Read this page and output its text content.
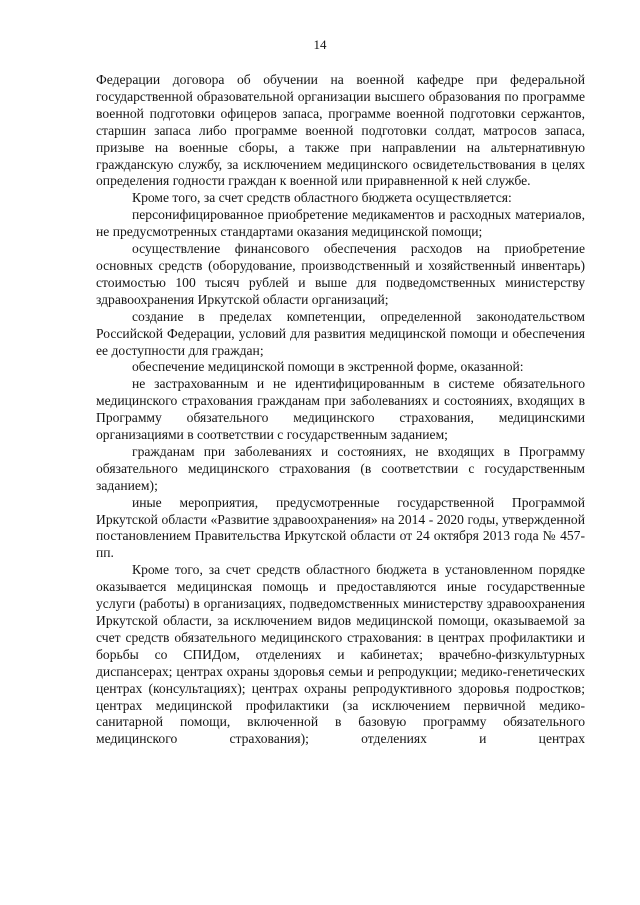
14

Федерации договора об обучении на военной кафедре при федеральной государственной образовательной организации высшего образования по программе военной подготовки офицеров запаса, программе военной подготовки сержантов, старшин запаса либо программе военной подготовки солдат, матросов запаса, призыве на военные сборы, а также при направлении на альтернативную гражданскую службу, за исключением медицинского освидетельствования в целях определения годности граждан к военной или приравненной к ней службе.

Кроме того, за счет средств областного бюджета осуществляется:

персонифицированное приобретение медикаментов и расходных материалов, не предусмотренных стандартами оказания медицинской помощи;

осуществление финансового обеспечения расходов на приобретение основных средств (оборудование, производственный и хозяйственный инвентарь) стоимостью 100 тысяч рублей и выше для подведомственных министерству здравоохранения Иркутской области организаций;

создание в пределах компетенции, определенной законодательством Российской Федерации, условий для развития медицинской помощи и обеспечения ее доступности для граждан;

обеспечение медицинской помощи в экстренной форме, оказанной:

не застрахованным и не идентифицированным в системе обязательного медицинского страхования гражданам при заболеваниях и состояниях, входящих в Программу обязательного медицинского страхования, медицинскими организациями в соответствии с государственным заданием;

гражданам при заболеваниях и состояниях, не входящих в Программу обязательного медицинского страхования (в соответствии с государственным заданием);

иные мероприятия, предусмотренные государственной Программой Иркутской области «Развитие здравоохранения» на 2014 - 2020 годы, утвержденной постановлением Правительства Иркутской области от 24 октября 2013 года № 457-пп.

Кроме того, за счет средств областного бюджета в установленном порядке оказывается медицинская помощь и предоставляются иные государственные услуги (работы) в организациях, подведомственных министерству здравоохранения Иркутской области, за исключением видов медицинской помощи, оказываемой за счет средств обязательного медицинского страхования: в центрах профилактики и борьбы со СПИДом, отделениях и кабинетах; врачебно-физкультурных диспансерах; центрах охраны здоровья семьи и репродукции; медико-генетических центрах (консультациях); центрах охраны репродуктивного здоровья подростков; центрах медицинской профилактики (за исключением первичной медико-санитарной помощи, включенной в базовую программу обязательного медицинского страхования); отделениях и центрах
